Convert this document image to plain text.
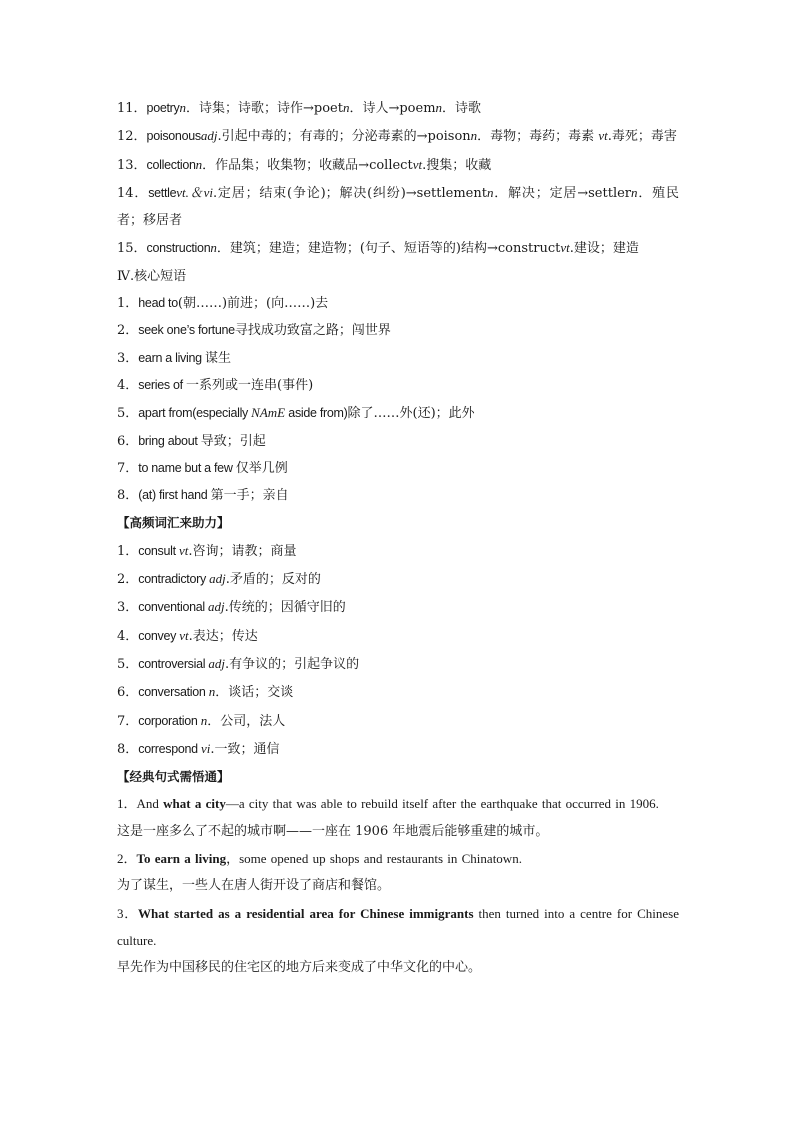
11．poetryn．诗集；诗歌；诗作→poetn．诗人→poemn．诗歌
12．poisonousadj.引起中毒的；有毒的；分泌毒素的→poisonn．毒物；毒药；毒素 vt.毒死；毒害
13．collectionn．作品集；收集物；收藏品→collectvt.搜集；收藏
14．settlevt.＆vi.定居；结束(争论)；解决(纠纷)→settlementn．解决；定居→settlern．殖民者；移居者
15．constructionn．建筑；建造；建造物；(句子、短语等的)结构→constructvt.建设；建造
Ⅳ.核心短语
1．head to(朝……)前进；(向……)去
2．seek one’s fortune寻找成功致富之路；闯世界
3．earn a living 谋生
4．series of 一系列或一连串(事件)
5．apart from(especially NAmE aside from)除了……外(还)；此外
6．bring about 导致；引起
7．to name but a few 仅举几例
8．(at) first hand 第一手；亲自
【高频词汇来助力】
1．consult vt.咨询；请教；商量
2．contradictory adj.矛盾的；反对的
3．conventional adj.传统的；因循守旧的
4．convey vt.表达；传达
5．controversial adj.有争议的；引起争议的
6．conversation n．谈话；交谈
7．corporation n．公司，法人
8．correspond vi.一致；通信
【经典句式需悟通】
1．And what a city—a city that was able to rebuild itself after the earthquake that occurred in 1906.
这是一座多么了不起的城市啊——一座在 1906 年地震后能够重建的城市。
2．To earn a living，some opened up shops and restaurants in Chinatown.
为了谋生，一些人在唐人街开设了商店和餐馆。
3．What started as a residential area for Chinese immigrants then turned into a centre for Chinese culture.
早先作为中国移民的住宅区的地方后来变成了中华文化的中心。
